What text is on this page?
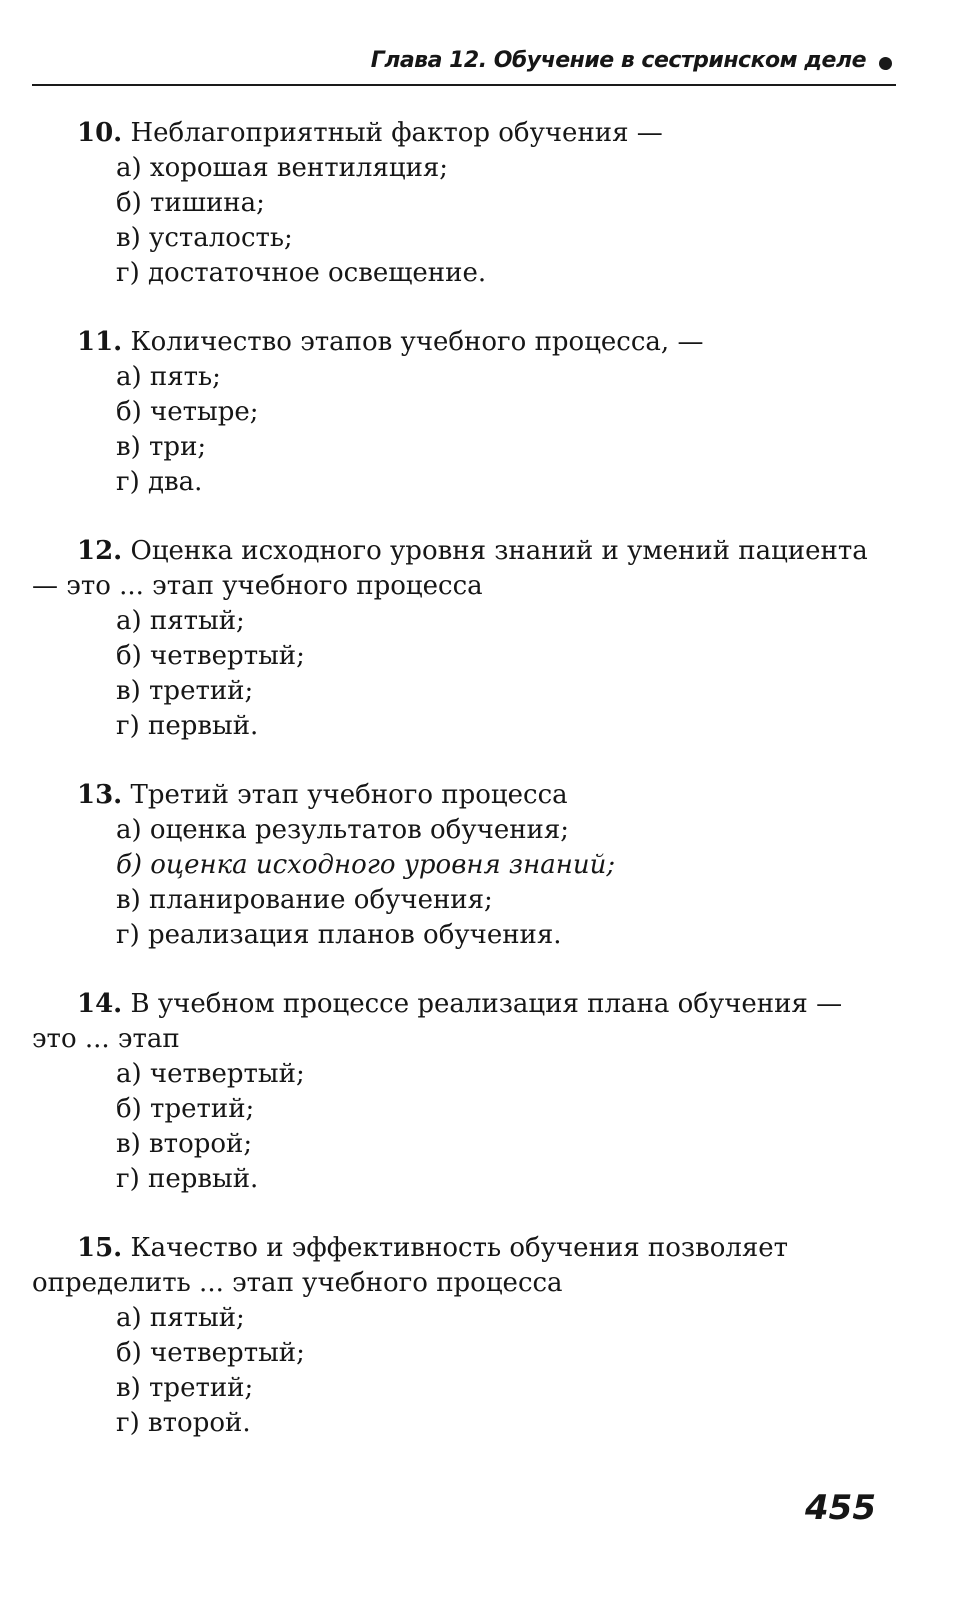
Глава 12. Обучение в сестринском деле
10. Неблагоприятный фактор обучения —
а) хорошая вентиляция;
б) тишина;
в) усталость;
г) достаточное освещение.
11. Количество этапов учебного процесса, —
а) пять;
б) четыре;
в) три;
г) два.
12. Оценка исходного уровня знаний и умений пациента — это ... этап учебного процесса
а) пятый;
б) четвертый;
в) третий;
г) первый.
13. Третий этап учебного процесса
а) оценка результатов обучения;
б) оценка исходного уровня знаний;
в) планирование обучения;
г) реализация планов обучения.
14. В учебном процессе реализация плана обучения — это ... этап
а) четвертый;
б) третий;
в) второй;
г) первый.
15. Качество и эффективность обучения позволяет определить ... этап учебного процесса
а) пятый;
б) четвертый;
в) третий;
г) второй.
455
